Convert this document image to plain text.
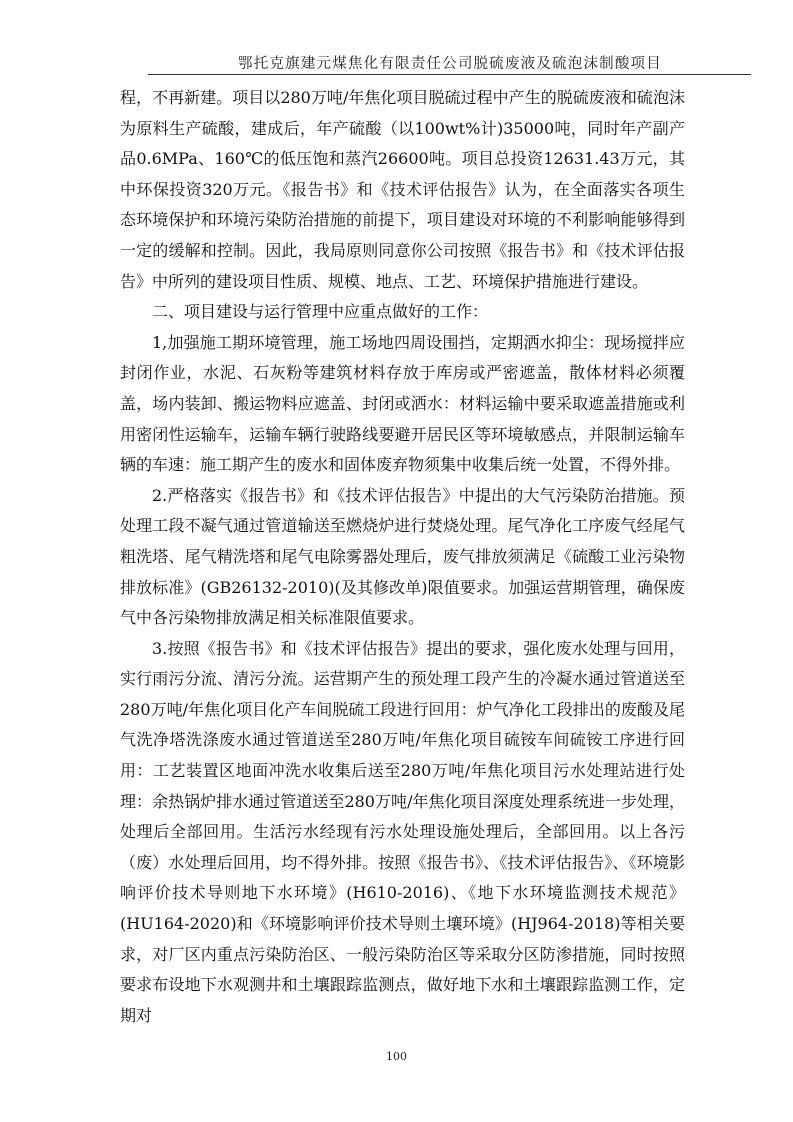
鄂托克旗建元煤焦化有限责任公司脱硫废液及硫泡沫制酸项目

程，不再新建。项目以280万吨/年焦化项目脱硫过程中产生的脱硫废液和硫泡沫为原料生产硫酸，建成后，年产硫酸（以100wt%计)35000吨，同时年产副产品0.6MPa、160℃的低压饱和蒸汽26600吨。项目总投资12631.43万元，其中环保投资320万元。《报告书》和《技术评估报告》认为，在全面落实各项生态环境保护和环境污染防治措施的前提下，项目建设对环境的不利影响能够得到一定的缓解和控制。因此，我局原则同意你公司按照《报告书》和《技术评估报告》中所列的建设项目性质、规模、地点、工艺、环境保护措施进行建设。

二、项目建设与运行管理中应重点做好的工作：

1,加强施工期环境管理，施工场地四周设围挡，定期洒水抑尘：现场搅拌应封闭作业，水泥、石灰粉等建筑材料存放于库房或严密遮盖，散体材料必须覆盖，场内装卸、搬运物料应遮盖、封闭或洒水：材料运输中要采取遮盖措施或利用密闭性运输车，运输车辆行驶路线要避开居民区等环境敏感点，并限制运输车辆的车速：施工期产生的废水和固体废弃物须集中收集后统一处置，不得外排。

2.严格落实《报告书》和《技术评估报告》中提出的大气污染防治措施。预处理工段不凝气通过管道输送至燃烧炉进行焚烧处理。尾气净化工序废气经尾气粗洗塔、尾气精洗塔和尾气电除雾器处理后，废气排放须满足《硫酸工业污染物排放标准》(GB26132-2010)(及其修改单)限值要求。加强运营期管理，确保废气中各污染物排放满足相关标准限值要求。

3.按照《报告书》和《技术评估报告》提出的要求，强化废水处理与回用，实行雨污分流、清污分流。运营期产生的预处理工段产生的冷凝水通过管道送至280万吨/年焦化项目化产车间脱硫工段进行回用：炉气净化工段排出的废酸及尾气洗净塔洗涤废水通过管道送至280万吨/年焦化项目硫铵车间硫铵工序进行回用：工艺装置区地面冲洗水收集后送至280万吨/年焦化项目污水处理站进行处理：余热锅炉排水通过管道送至280万吨/年焦化项目深度处理系统进一步处理，处理后全部回用。生活污水经现有污水处理设施处理后，全部回用。以上各污（废）水处理后回用，均不得外排。按照《报告书》、《技术评估报告》、《环境影响评价技术导则地下水环境》(H610-2016)、《地下水环境监测技术规范》(HU164-2020)和《环境影响评价技术导则土壤环境》(HJ964-2018)等相关要求，对厂区内重点污染防治区、一般污染防治区等采取分区防渗措施，同时按照要求布设地下水观测井和土壤跟踪监测点，做好地下水和土壤跟踪监测工作，定期对

100
